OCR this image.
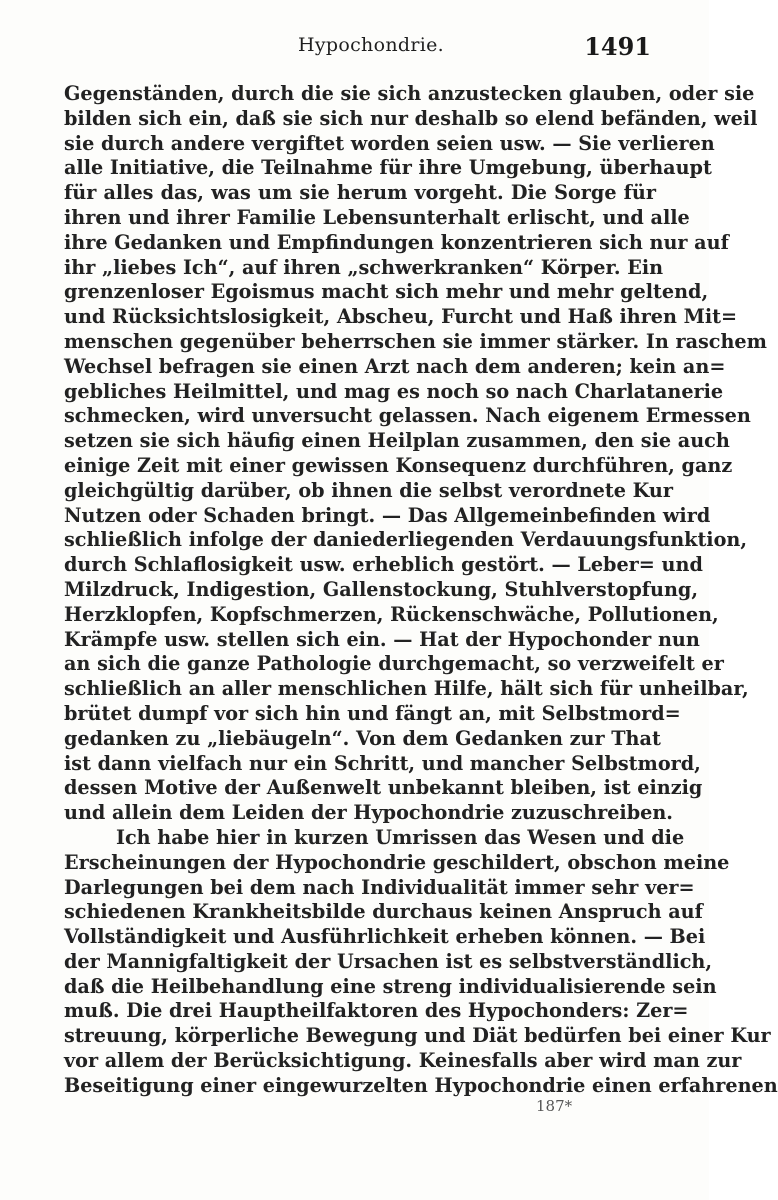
Hypochondrie.	1491
Gegenständen, durch die sie sich anzustecken glauben, oder sie
bilden sich ein, daß sie sich nur deshalb so elend befänden, weil
sie durch andere vergiftet worden seien usw. — Sie verlieren
alle Initiative, die Teilnahme für ihre Umgebung, überhaupt
für alles das, was um sie herum vorgeht. Die Sorge für
ihren und ihrer Familie Lebensunterhalt erlischt, und alle
ihre Gedanken und Empfindungen konzentrieren sich nur auf
ihr „liebes Ich“, auf ihren „schwerkranken“ Körper. Ein
grenzenloser Egoismus macht sich mehr und mehr geltend,
und Rücksichtslosigkeit, Abscheu, Furcht und Haß ihren Mit=
menschen gegenüber beherrschen sie immer stärker. In raschem
Wechsel befragen sie einen Arzt nach dem anderen; kein an=
gebliches Heilmittel, und mag es noch so nach Charlatanerie
schmecken, wird unversucht gelassen. Nach eigenem Ermessen
setzen sie sich häufig einen Heilplan zusammen, den sie auch
einige Zeit mit einer gewissen Konsequenz durchführen, ganz
gleichgültig darüber, ob ihnen die selbst verordnete Kur
Nutzen oder Schaden bringt. — Das Allgemeinbefinden wird
schließlich infolge der daniederliegenden Verdauungsfunktion,
durch Schlaflosigkeit usw. erheblich gestört. — Leber= und
Milzdruck, Indigestion, Gallenstockung, Stuhlverstopfung,
Herzklopfen, Kopfschmerzen, Rückenschwäche, Pollutionen,
Krämpfe usw. stellen sich ein. — Hat der Hypochonder nun
an sich die ganze Pathologie durchgemacht, so verzweifelt er
schließlich an aller menschlichen Hilfe, hält sich für unheilbar,
brütet dumpf vor sich hin und fängt an, mit Selbstmord=
gedanken zu „liebäugeln“. Von dem Gedanken zur That
ist dann vielfach nur ein Schritt, und mancher Selbstmord,
dessen Motive der Außenwelt unbekannt bleiben, ist einzig
und allein dem Leiden der Hypochondrie zuzuschreiben.
Ich habe hier in kurzen Umrissen das Wesen und die
Erscheinungen der Hypochondrie geschildert, obschon meine
Darlegungen bei dem nach Individualität immer sehr ver=
schiedenen Krankheitsbilde durchaus keinen Anspruch auf
Vollständigkeit und Ausführlichkeit erheben können. — Bei
der Mannigfaltigkeit der Ursachen ist es selbstverständlich,
daß die Heilbehandlung eine streng individualisierende sein
muß. Die drei Hauptheilfaktoren des Hypochonders: Zer=
streuung, körperliche Bewegung und Diät bedürfen bei einer Kur
vor allem der Berücksichtigung. Keinesfalls aber wird man zur
Beseitigung einer eingewurzelten Hypochondrie einen erfahrenen
187*
